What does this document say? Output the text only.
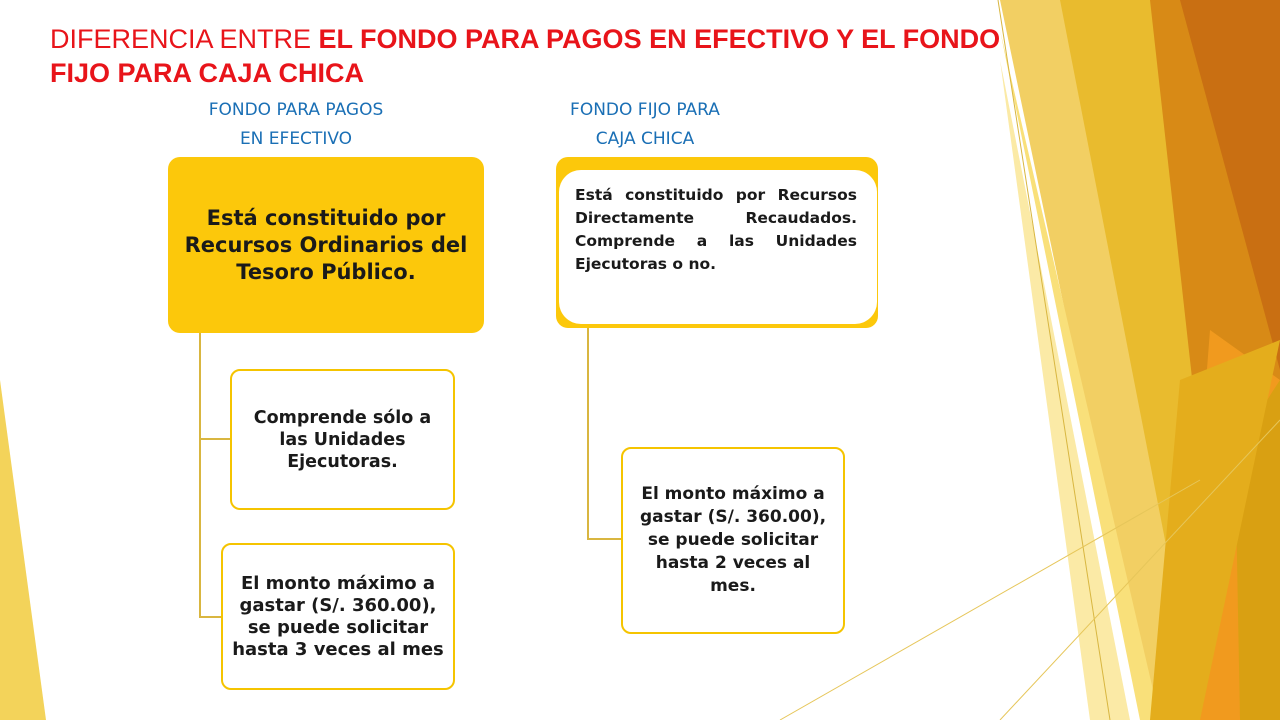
DIFERENCIA ENTRE EL FONDO PARA PAGOS EN EFECTIVO Y EL FONDO FIJO PARA CAJA CHICA
FONDO PARA PAGOS
EN EFECTIVO
FONDO FIJO PARA
CAJA CHICA
Está constituido por Recursos Ordinarios del Tesoro Público.
Comprende sólo a las Unidades Ejecutoras.
El monto máximo a gastar (S/. 360.00), se puede solicitar hasta 3 veces al mes
Está constituido por Recursos Directamente Recaudados. Comprende a las Unidades Ejecutoras o no.
El monto máximo a gastar (S/. 360.00), se puede solicitar hasta 2 veces al mes.
